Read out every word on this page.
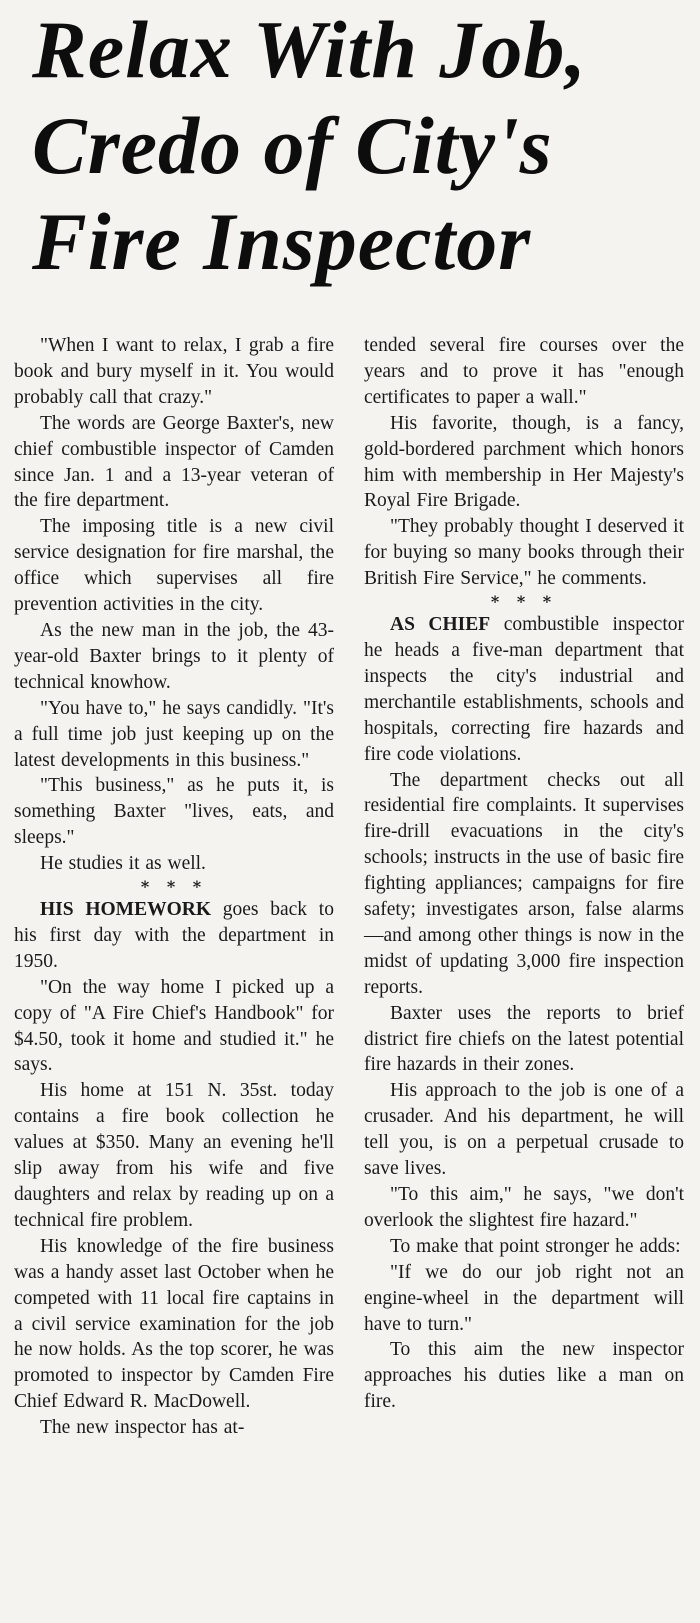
Relax With Job,
Credo of City's
Fire Inspector

"When I want to relax, I grab a fire book and bury myself in it. You would probably call that crazy."

The words are George Baxter's, new chief combustible inspector of Camden since Jan. 1 and a 13-year veteran of the fire department.

The imposing title is a new civil service designation for fire marshal, the office which supervises all fire prevention activities in the city.

As the new man in the job, the 43-year-old Baxter brings to it plenty of technical knowhow.

"You have to," he says candidly. "It's a full time job just keeping up on the latest developments in this business."

"This business," as he puts it, is something Baxter "lives, eats, and sleeps."

He studies it as well.

* * *

HIS HOMEWORK goes back to his first day with the department in 1950.

"On the way home I picked up a copy of "A Fire Chief's Handbook" for $4.50, took it home and studied it." he says.

His home at 151 N. 35st. today contains a fire book collection he values at $350. Many an evening he'll slip away from his wife and five daughters and relax by reading up on a technical fire problem.

His knowledge of the fire business was a handy asset last October when he competed with 11 local fire captains in a civil service examination for the job he now holds. As the top scorer, he was promoted to inspector by Camden Fire Chief Edward R. MacDowell.

The new inspector has at-

tended several fire courses over the years and to prove it has "enough certificates to paper a wall."

His favorite, though, is a fancy, gold-bordered parchment which honors him with membership in Her Majesty's Royal Fire Brigade.

"They probably thought I deserved it for buying so many books through their British Fire Service," he comments.

* * *

AS CHIEF combustible inspector he heads a five-man department that inspects the city's industrial and merchantile establishments, schools and hospitals, correcting fire hazards and fire code violations.

The department checks out all residential fire complaints. It supervises fire-drill evacuations in the city's schools; instructs in the use of basic fire fighting appliances; campaigns for fire safety; investigates arson, false alarms—and among other things is now in the midst of updating 3,000 fire inspection reports.

Baxter uses the reports to brief district fire chiefs on the latest potential fire hazards in their zones.

His approach to the job is one of a crusader. And his department, he will tell you, is on a perpetual crusade to save lives.

"To this aim," he says, "we don't overlook the slightest fire hazard."

To make that point stronger he adds:

"If we do our job right not an engine-wheel in the department will have to turn."

To this aim the new inspector approaches his duties like a man on fire.
